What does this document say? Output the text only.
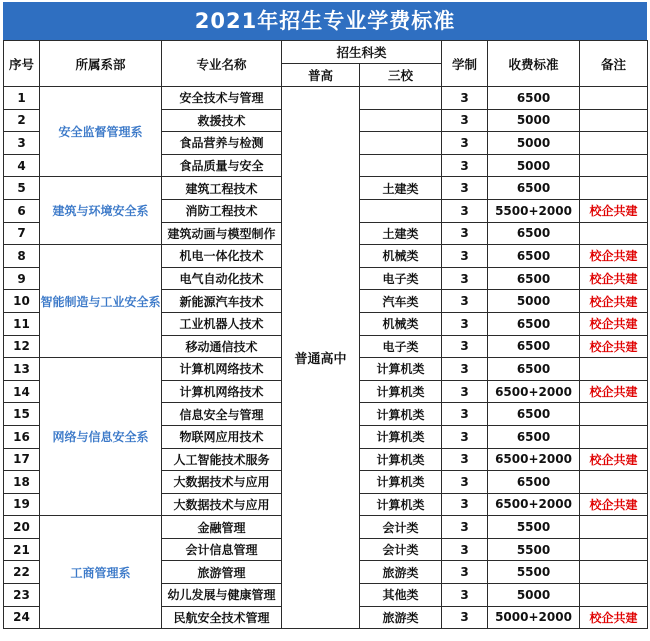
2021年招生专业学费标准
序号	所属系部	专业名称	招生科类		学制	收费标准	备注
			普高	三校			
1	安全监督管理系	安全技术与管理	普通高中		3	6500	
2		救援技术			3	5000	
3		食品营养与检测			3	5000	
4		食品质量与安全			3	5000	
5	建筑与环境安全系	建筑工程技术		土建类	3	6500	
6		消防工程技术			3	5500+2000	校企共建
7		建筑动画与模型制作		土建类	3	6500	
8	智能制造与工业安全系	机电一体化技术		机械类	3	6500	校企共建
9		电气自动化技术		电子类	3	6500	校企共建
10		新能源汽车技术		汽车类	3	5000	校企共建
11		工业机器人技术		机械类	3	6500	校企共建
12		移动通信技术		电子类	3	6500	校企共建
13	网络与信息安全系	计算机网络技术		计算机类	3	6500	
14		计算机网络技术		计算机类	3	6500+2000	校企共建
15		信息安全与管理		计算机类	3	6500	
16		物联网应用技术		计算机类	3	6500	
17		人工智能技术服务		计算机类	3	6500+2000	校企共建
18		大数据技术与应用		计算机类	3	6500	
19		大数据技术与应用		计算机类	3	6500+2000	校企共建
20	工商管理系	金融管理		会计类	3	5500	
21		会计信息管理		会计类	3	5500	
22		旅游管理		旅游类	3	5500	
23		幼儿发展与健康管理		其他类	3	5000	
24		民航安全技术管理		旅游类	3	5000+2000	校企共建
